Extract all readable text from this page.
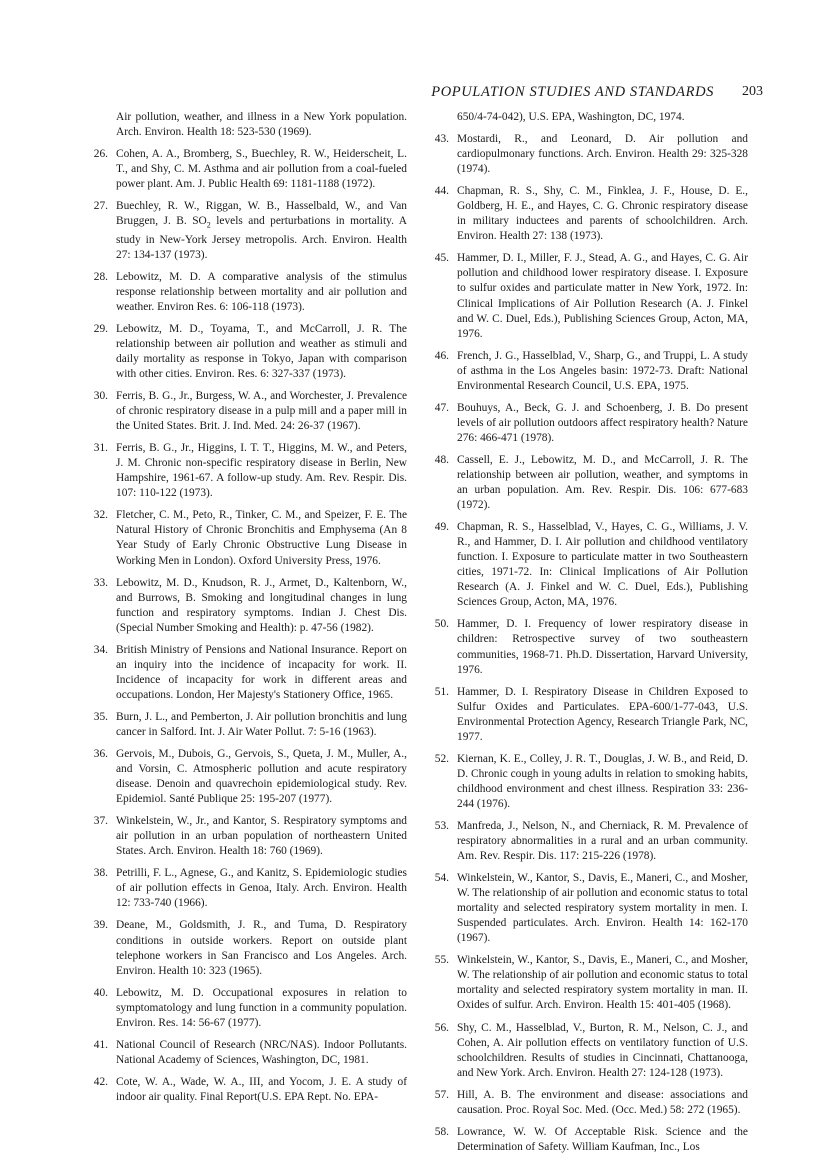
POPULATION STUDIES AND STANDARDS 203
Air pollution, weather, and illness in a New York population. Arch. Environ. Health 18: 523-530 (1969).
26. Cohen, A. A., Bromberg, S., Buechley, R. W., Heiderscheit, L. T., and Shy, C. M. Asthma and air pollution from a coal-fueled power plant. Am. J. Public Health 69: 1181-1188 (1972).
27. Buechley, R. W., Riggan, W. B., Hasselbald, W., and Van Bruggen, J. B. $SO_2$ levels and perturbations in mortality. A study in New-York Jersey metropolis. Arch. Environ. Health 27: 134-137 (1973).
28. Lebowitz, M. D. A comparative analysis of the stimulus response relationship between mortality and air pollution and weather. Environ Res. 6: 106-118 (1973).
29. Lebowitz, M. D., Toyama, T., and McCarroll, J. R. The relationship between air pollution and weather as stimuli and daily mortality as response in Tokyo, Japan with comparison with other cities. Environ. Res. 6: 327-337 (1973).
30. Ferris, B. G., Jr., Burgess, W. A., and Worchester, J. Prevalence of chronic respiratory disease in a pulp mill and a paper mill in the United States. Brit. J. Ind. Med. 24: 26-37 (1967).
31. Ferris, B. G., Jr., Higgins, I. T. T., Higgins, M. W., and Peters, J. M. Chronic non-specific respiratory disease in Berlin, New Hampshire, 1961-67. A follow-up study. Am. Rev. Respir. Dis. 107: 110-122 (1973).
32. Fletcher, C. M., Peto, R., Tinker, C. M., and Speizer, F. E. The Natural History of Chronic Bronchitis and Emphysema (An 8 Year Study of Early Chronic Obstructive Lung Disease in Working Men in London). Oxford University Press, 1976.
33. Lebowitz, M. D., Knudson, R. J., Armet, D., Kaltenborn, W., and Burrows, B. Smoking and longitudinal changes in lung function and respiratory symptoms. Indian J. Chest Dis. (Special Number Smoking and Health): p. 47-56 (1982).
34. British Ministry of Pensions and National Insurance. Report on an inquiry into the incidence of incapacity for work. II. Incidence of incapacity for work in different areas and occupations. London, Her Majesty's Stationery Office, 1965.
35. Burn, J. L., and Pemberton, J. Air pollution bronchitis and lung cancer in Salford. Int. J. Air Water Pollut. 7: 5-16 (1963).
36. Gervois, M., Dubois, G., Gervois, S., Queta, J. M., Muller, A., and Vorsin, C. Atmospheric pollution and acute respiratory disease. Denoin and quavrechoin epidemiological study. Rev. Epidemiol. Santé Publique 25: 195-207 (1977).
37. Winkelstein, W., Jr., and Kantor, S. Respiratory symptoms and air pollution in an urban population of northeastern United States. Arch. Environ. Health 18: 760 (1969).
38. Petrilli, F. L., Agnese, G., and Kanitz, S. Epidemiologic studies of air pollution effects in Genoa, Italy. Arch. Environ. Health 12: 733-740 (1966).
39. Deane, M., Goldsmith, J. R., and Tuma, D. Respiratory conditions in outside workers. Report on outside plant telephone workers in San Francisco and Los Angeles. Arch. Environ. Health 10: 323 (1965).
40. Lebowitz, M. D. Occupational exposures in relation to symptomatology and lung function in a community population. Environ. Res. 14: 56-67 (1977).
41. National Council of Research (NRC/NAS). Indoor Pollutants. National Academy of Sciences, Washington, DC, 1981.
42. Cote, W. A., Wade, W. A., III, and Yocom, J. E. A study of indoor air quality. Final Report(U.S. EPA Rept. No. EPA-
650/4-74-042), U.S. EPA, Washington, DC, 1974.
43. Mostardi, R., and Leonard, D. Air pollution and cardiopulmonary functions. Arch. Environ. Health 29: 325-328 (1974).
44. Chapman, R. S., Shy, C. M., Finklea, J. F., House, D. E., Goldberg, H. E., and Hayes, C. G. Chronic respiratory disease in military inductees and parents of schoolchildren. Arch. Environ. Health 27: 138 (1973).
45. Hammer, D. I., Miller, F. J., Stead, A. G., and Hayes, C. G. Air pollution and childhood lower respiratory disease. I. Exposure to sulfur oxides and particulate matter in New York, 1972. In: Clinical Implications of Air Pollution Research (A. J. Finkel and W. C. Duel, Eds.), Publishing Sciences Group, Acton, MA, 1976.
46. French, J. G., Hasselblad, V., Sharp, G., and Truppi, L. A study of asthma in the Los Angeles basin: 1972-73. Draft: National Environmental Research Council, U.S. EPA, 1975.
47. Bouhuys, A., Beck, G. J. and Schoenberg, J. B. Do present levels of air pollution outdoors affect respiratory health? Nature 276: 466-471 (1978).
48. Cassell, E. J., Lebowitz, M. D., and McCarroll, J. R. The relationship between air pollution, weather, and symptoms in an urban population. Am. Rev. Respir. Dis. 106: 677-683 (1972).
49. Chapman, R. S., Hasselblad, V., Hayes, C. G., Williams, J. V. R., and Hammer, D. I. Air pollution and childhood ventilatory function. I. Exposure to particulate matter in two Southeastern cities, 1971-72. In: Clinical Implications of Air Pollution Research (A. J. Finkel and W. C. Duel, Eds.), Publishing Sciences Group, Acton, MA, 1976.
50. Hammer, D. I. Frequency of lower respiratory disease in children: Retrospective survey of two southeastern communities, 1968-71. Ph.D. Dissertation, Harvard University, 1976.
51. Hammer, D. I. Respiratory Disease in Children Exposed to Sulfur Oxides and Particulates. EPA-600/1-77-043, U.S. Environmental Protection Agency, Research Triangle Park, NC, 1977.
52. Kiernan, K. E., Colley, J. R. T., Douglas, J. W. B., and Reid, D. D. Chronic cough in young adults in relation to smoking habits, childhood environment and chest illness. Respiration 33: 236-244 (1976).
53. Manfreda, J., Nelson, N., and Cherniack, R. M. Prevalence of respiratory abnormalities in a rural and an urban community. Am. Rev. Respir. Dis. 117: 215-226 (1978).
54. Winkelstein, W., Kantor, S., Davis, E., Maneri, C., and Mosher, W. The relationship of air pollution and economic status to total mortality and selected respiratory system mortality in men. I. Suspended particulates. Arch. Environ. Health 14: 162-170 (1967).
55. Winkelstein, W., Kantor, S., Davis, E., Maneri, C., and Mosher, W. The relationship of air pollution and economic status to total mortality and selected respiratory system mortality in man. II. Oxides of sulfur. Arch. Environ. Health 15: 401-405 (1968).
56. Shy, C. M., Hasselblad, V., Burton, R. M., Nelson, C. J., and Cohen, A. Air pollution effects on ventilatory function of U.S. schoolchildren. Results of studies in Cincinnati, Chattanooga, and New York. Arch. Environ. Health 27: 124-128 (1973).
57. Hill, A. B. The environment and disease: associations and causation. Proc. Royal Soc. Med. (Occ. Med.) 58: 272 (1965).
58. Lowrance, W. W. Of Acceptable Risk. Science and the Determination of Safety. William Kaufman, Inc., Los
